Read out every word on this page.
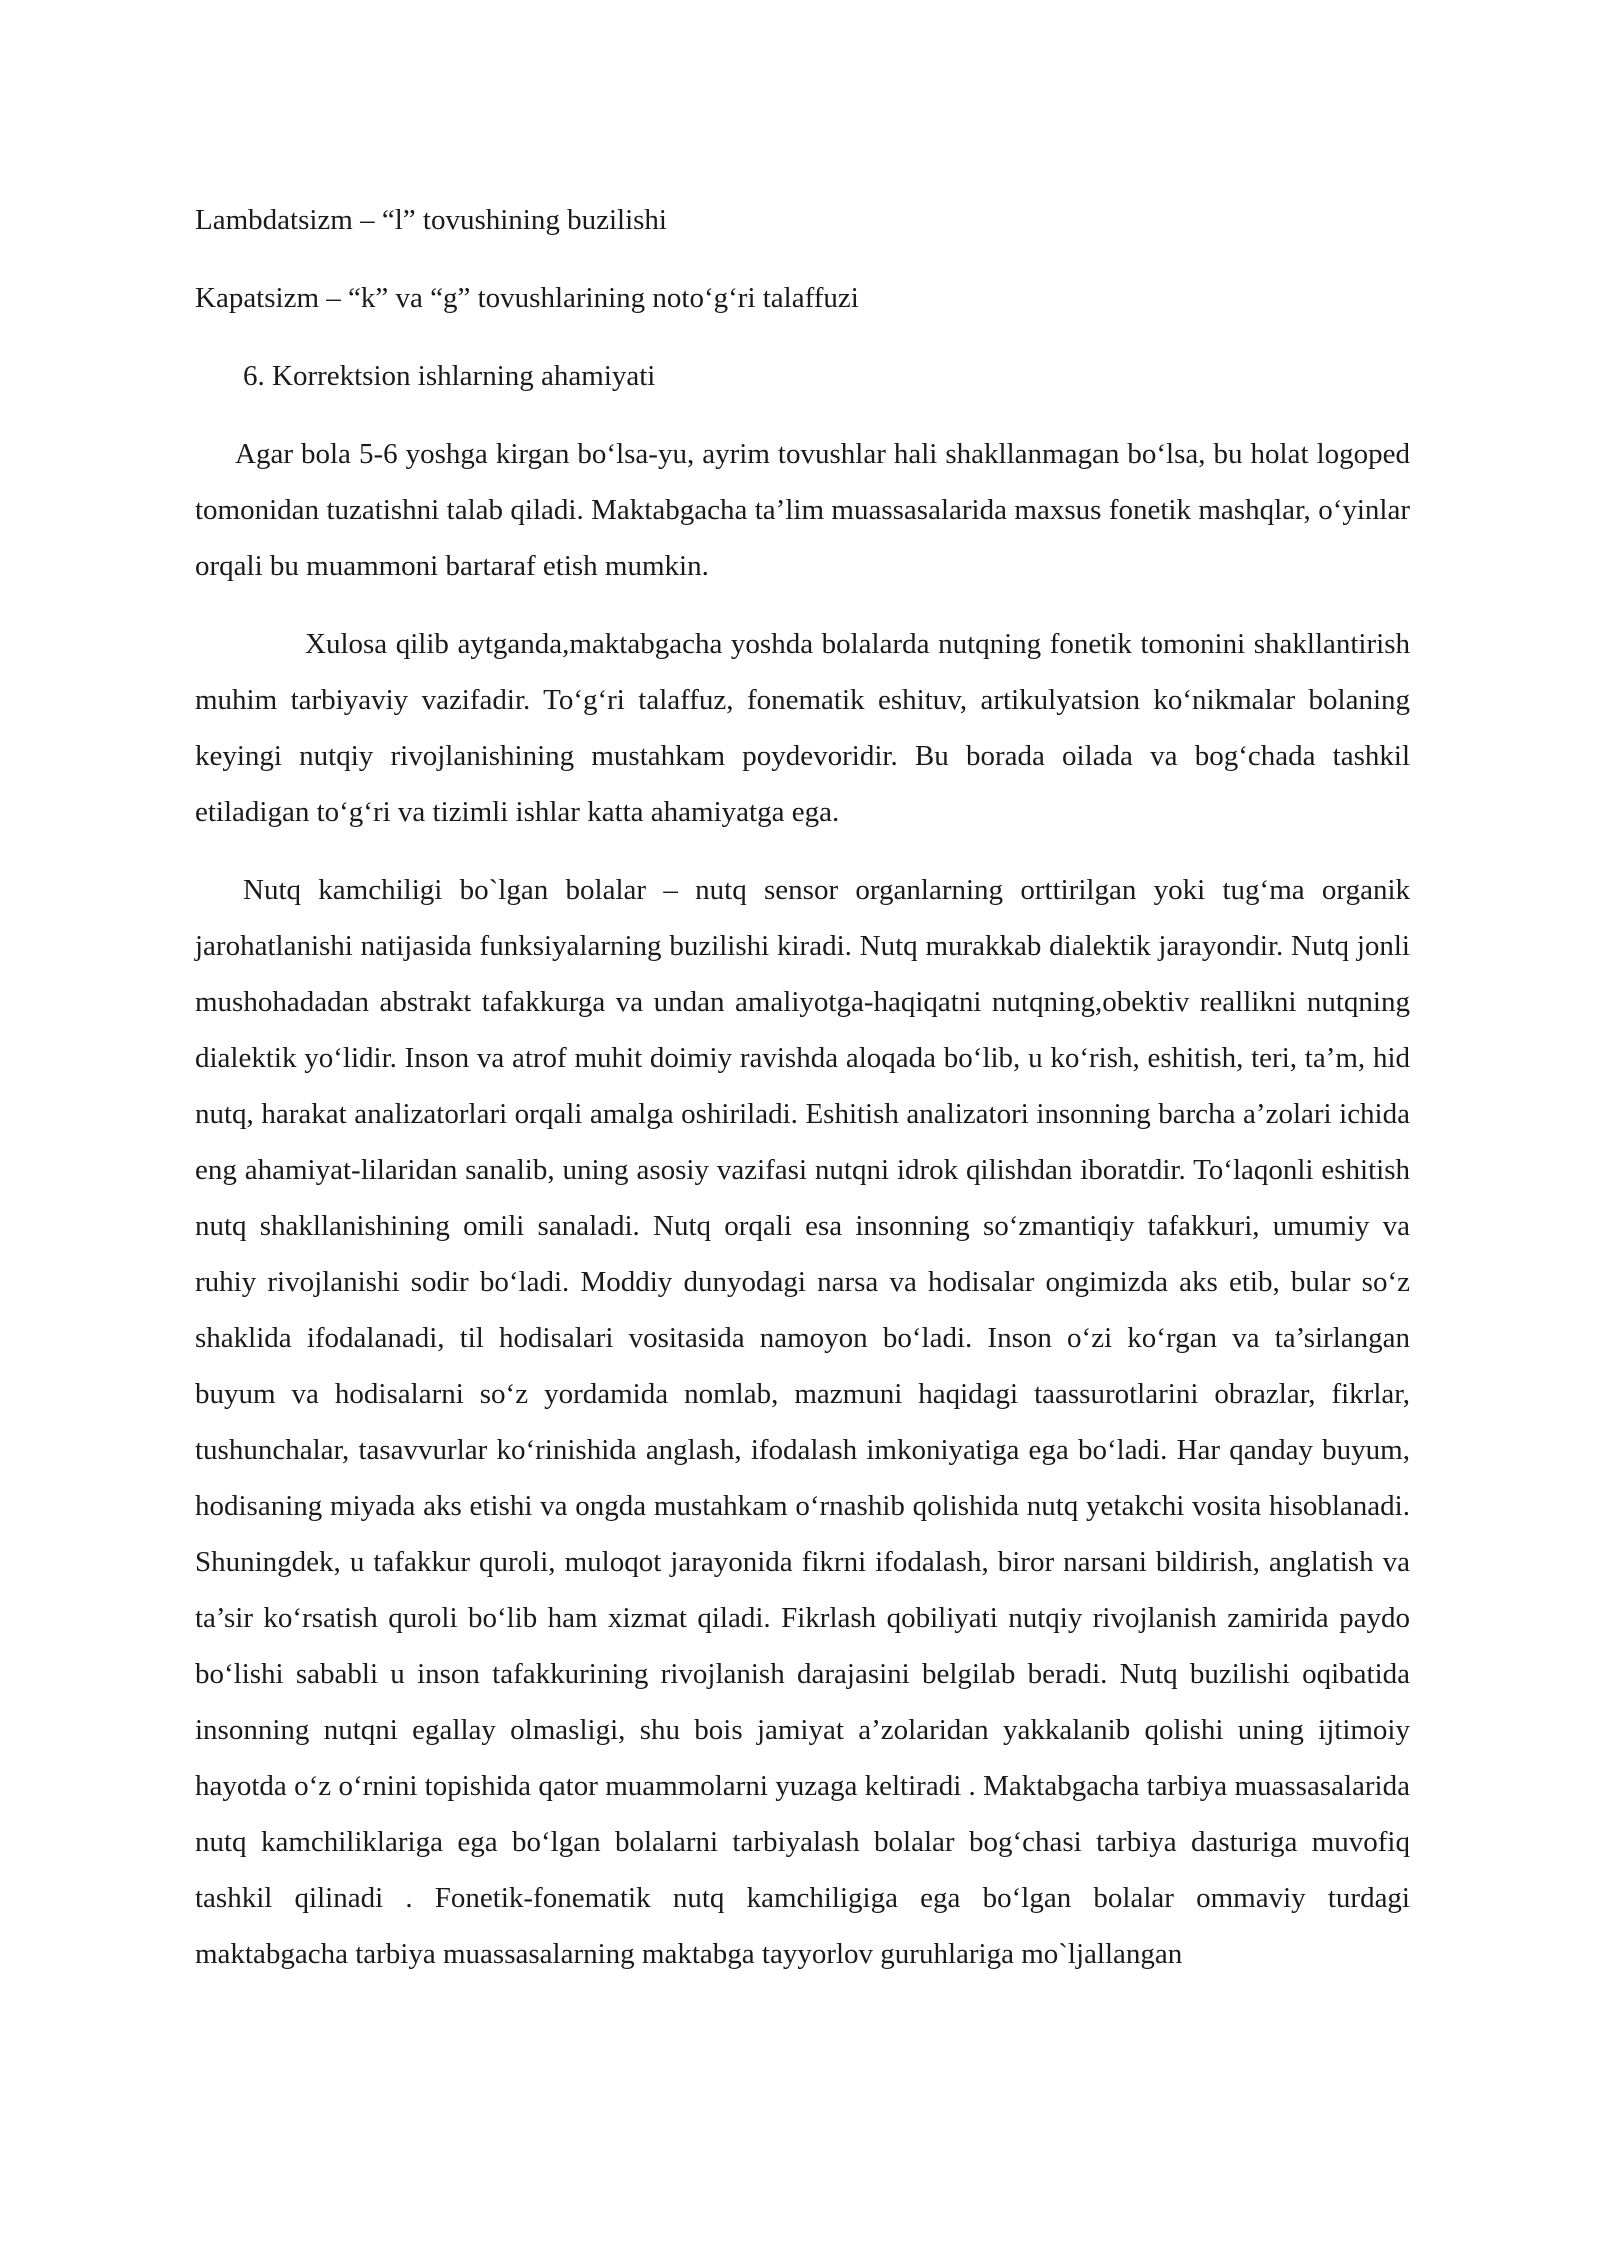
Lambdatsizm – “l” tovushining buzilishi

Kapatsizm – “k” va “g” tovushlarining noto‘g‘ri talaffuzi

6. Korrektsion ishlarning ahamiyati

Agar bola 5-6 yoshga kirgan bo‘lsa-yu, ayrim tovushlar hali shakllanmagan bo‘lsa, bu holat logoped tomonidan tuzatishni talab qiladi. Maktabgacha ta’lim muassasalarida maxsus fonetik mashqlar, o‘yinlar orqali bu muammoni bartaraf etish mumkin.

Xulosa qilib aytganda,maktabgacha yoshda bolalarda nutqning fonetik tomonini shakllantirish muhim tarbiyaviy vazifadir. To‘g‘ri talaffuz, fonematik eshituv, artikulyatsion ko‘nikmalar bolaning keyingi nutqiy rivojlanishining mustahkam poydevoridir. Bu borada oilada va bog‘chada tashkil etiladigan to‘g‘ri va tizimli ishlar katta ahamiyatga ega.

Nutq kamchiligi bo`lgan bolalar – nutq sensor organlarning orttirilgan yoki tug‘ma organik jarohatlanishi natijasida funksiyalarning buzilishi kiradi. Nutq murakkab dialektik jarayondir. Nutq jonli mushohadadan abstrakt tafakkurga va undan amaliyotga-haqiqatni nutqning,obektiv reallikni nutqning dialektik yo‘lidir. Inson va atrof muhit doimiy ravishda aloqada bo‘lib, u ko‘rish, eshitish, teri, ta’m, hid nutq, harakat analizatorlari orqali amalga oshiriladi. Eshitish analizatori insonning barcha a’zolari ichida eng ahamiyat-lilaridan sanalib, uning asosiy vazifasi nutqni idrok qilishdan iboratdir. To‘laqonli eshitish nutq shakllanishining omili sanaladi. Nutq orqali esa insonning so‘zmantiqiy tafakkuri, umumiy va ruhiy rivojlanishi sodir bo‘ladi. Moddiy dunyodagi narsa va hodisalar ongimizda aks etib, bular so‘z shaklida ifodalanadi, til hodisalari vositasida namoyon bo‘ladi. Inson o‘zi ko‘rgan va ta’sirlangan buyum va hodisalarni so‘z yordamida nomlab, mazmuni haqidagi taassurotlarini obrazlar, fikrlar, tushunchalar, tasavvurlar ko‘rinishida anglash, ifodalash imkoniyatiga ega bo‘ladi. Har qanday buyum, hodisaning miyada aks etishi va ongda mustahkam o‘rnashib qolishida nutq yetakchi vosita hisoblanadi. Shuningdek, u tafakkur quroli, muloqot jarayonida fikrni ifodalash, biror narsani bildirish, anglatish va ta’sir ko‘rsatish quroli bo‘lib ham xizmat qiladi. Fikrlash qobiliyati nutqiy rivojlanish zamirida paydo bo‘lishi sababli u inson tafakkurining rivojlanish darajasini belgilab beradi. Nutq buzilishi oqibatida insonning nutqni egallay olmasligi, shu bois jamiyat a’zolaridan yakkalanib qolishi uning ijtimoiy hayotda o‘z o‘rnini topishida qator muammolarni yuzaga keltiradi . Maktabgacha tarbiya muassasalarida nutq kamchiliklariga ega bo‘lgan bolalarni tarbiyalash bolalar bog‘chasi tarbiya dasturiga muvofiq tashkil qilinadi . Fonetik-fonematik nutq kamchiligiga ega bo‘lgan bolalar ommaviy turdagi maktabgacha tarbiya muassasalarning maktabga tayyorlov guruhlariga mo`ljallangan
